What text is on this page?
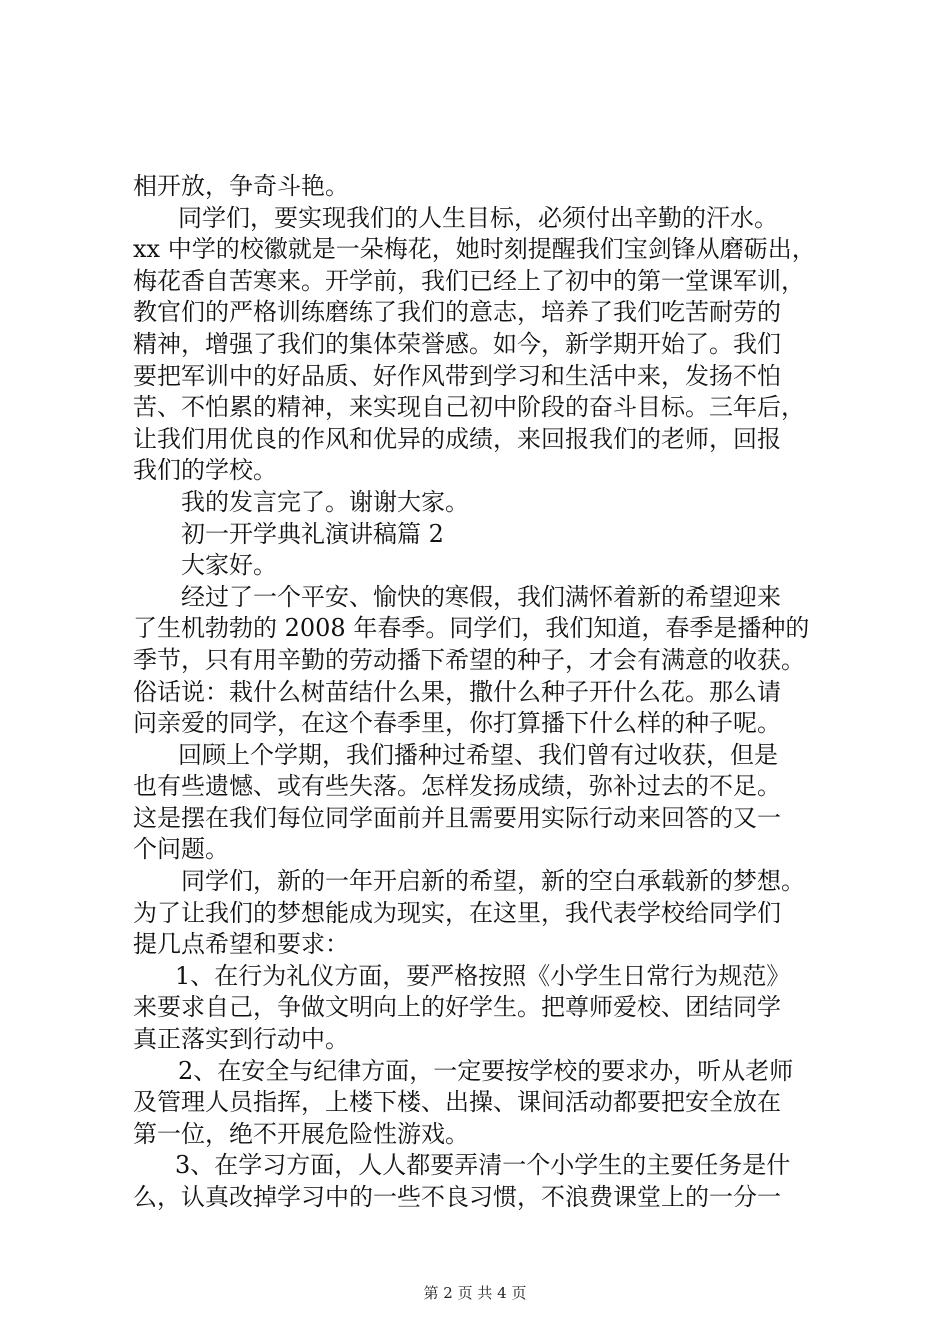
相开放，争奇斗艳。
同学们，要实现我们的人生目标，必须付出辛勤的汗水。
xx 中学的校徽就是一朵梅花，她时刻提醒我们宝剑锋从磨砺出，
梅花香自苦寒来。开学前，我们已经上了初中的第一堂课军训，
教官们的严格训练磨练了我们的意志，培养了我们吃苦耐劳的
精神，增强了我们的集体荣誉感。如今，新学期开始了。我们
要把军训中的好品质、好作风带到学习和生活中来，发扬不怕
苦、不怕累的精神，来实现自己初中阶段的奋斗目标。三年后，
让我们用优良的作风和优异的成绩，来回报我们的老师，回报
我们的学校。
我的发言完了。谢谢大家。
初一开学典礼演讲稿篇 2
大家好。
经过了一个平安、愉快的寒假，我们满怀着新的希望迎来
了生机勃勃的 2008 年春季。同学们，我们知道，春季是播种的
季节，只有用辛勤的劳动播下希望的种子，才会有满意的收获。
俗话说：栽什么树苗结什么果，撒什么种子开什么花。那么请
问亲爱的同学，在这个春季里，你打算播下什么样的种子呢。
回顾上个学期，我们播种过希望、我们曾有过收获，但是
也有些遗憾、或有些失落。怎样发扬成绩，弥补过去的不足。
这是摆在我们每位同学面前并且需要用实际行动来回答的又一
个问题。
同学们，新的一年开启新的希望，新的空白承载新的梦想。
为了让我们的梦想能成为现实，在这里，我代表学校给同学们
提几点希望和要求：
1、在行为礼仪方面，要严格按照《小学生日常行为规范》
来要求自己，争做文明向上的好学生。把尊师爱校、团结同学
真正落实到行动中。
2、在安全与纪律方面，一定要按学校的要求办，听从老师
及管理人员指挥，上楼下楼、出操、课间活动都要把安全放在
第一位，绝不开展危险性游戏。
3、在学习方面，人人都要弄清一个小学生的主要任务是什
么，认真改掉学习中的一些不良习惯，不浪费课堂上的一分一
第 2 页 共 4 页
